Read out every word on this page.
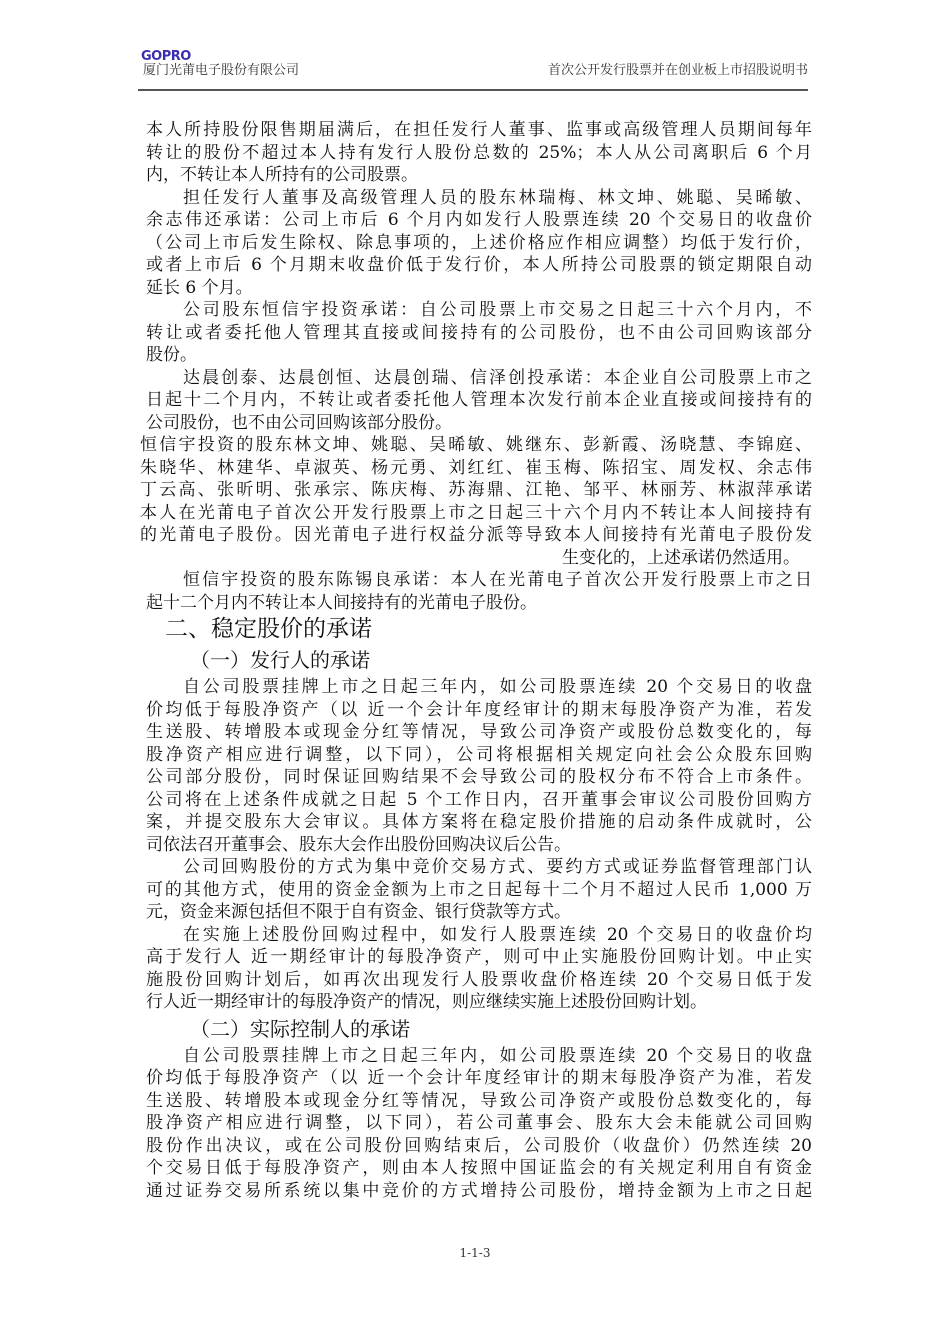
GOPRO
厦门光莆电子股份有限公司	首次公开发行股票并在创业板上市招股说明书
本人所持股份限售期届满后，在担任发行人董事、监事或高级管理人员期间每年
转让的股份不超过本人持有发行人股份总数的 25%；本人从公司离职后 6 个月
内，不转让本人所持有的公司股票。
担任发行人董事及高级管理人员的股东林瑞梅、林文坤、姚聪、吴晞敏、
余志伟还承诺：公司上市后 6 个月内如发行人股票连续 20 个交易日的收盘价
（公司上市后发生除权、除息事项的，上述价格应作相应调整）均低于发行价，
或者上市后 6 个月期末收盘价低于发行价，本人所持公司股票的锁定期限自动
延长 6 个月。
公司股东恒信宇投资承诺：自公司股票上市交易之日起三十六个月内，不
转让或者委托他人管理其直接或间接持有的公司股份，也不由公司回购该部分
股份。
达晨创泰、达晨创恒、达晨创瑞、信泽创投承诺：本企业自公司股票上市之
日起十二个月内，不转让或者委托他人管理本次发行前本企业直接或间接持有的
公司股份，也不由公司回购该部分股份。
恒信宇投资的股东林文坤、姚聪、吴晞敏、姚继东、彭新霞、汤晓慧、李锦庭、
朱晓华、林建华、卓淑英、杨元勇、刘红红、崔玉梅、陈招宝、周发权、余志伟
丁云高、张昕明、张承宗、陈庆梅、苏海鼎、江艳、邹平、林丽芳、林淑萍承诺
本人在光莆电子首次公开发行股票上市之日起三十六个月内不转让本人间接持有
的光莆电子股份。因光莆电子进行权益分派等导致本人间接持有光莆电子股份发
生变化的，上述承诺仍然适用。
恒信宇投资的股东陈锡良承诺：本人在光莆电子首次公开发行股票上市之日
起十二个月内不转让本人间接持有的光莆电子股份。
二、稳定股价的承诺
（一）发行人的承诺
自公司股票挂牌上市之日起三年内，如公司股票连续 20 个交易日的收盘
价均低于每股净资产（以 近一个会计年度经审计的期末每股净资产为准，若发
生送股、转增股本或现金分红等情况，导致公司净资产或股份总数变化的，每
股净资产相应进行调整，以下同），公司将根据相关规定向社会公众股东回购
公司部分股份，同时保证回购结果不会导致公司的股权分布不符合上市条件。
公司将在上述条件成就之日起 5 个工作日内，召开董事会审议公司股份回购方
案，并提交股东大会审议。具体方案将在稳定股价措施的启动条件成就时，公
司依法召开董事会、股东大会作出股份回购决议后公告。
公司回购股份的方式为集中竞价交易方式、要约方式或证券监督管理部门认
可的其他方式，使用的资金金额为上市之日起每十二个月不超过人民币 1,000 万
元，资金来源包括但不限于自有资金、银行贷款等方式。
在实施上述股份回购过程中，如发行人股票连续 20 个交易日的收盘价均
高于发行人 近一期经审计的每股净资产，则可中止实施股份回购计划。中止实
施股份回购计划后，如再次出现发行人股票收盘价格连续 20 个交易日低于发
行人近一期经审计的每股净资产的情况，则应继续实施上述股份回购计划。
（二）实际控制人的承诺
自公司股票挂牌上市之日起三年内，如公司股票连续 20 个交易日的收盘
价均低于每股净资产（以 近一个会计年度经审计的期末每股净资产为准，若发
生送股、转增股本或现金分红等情况，导致公司净资产或股份总数变化的，每
股净资产相应进行调整，以下同），若公司董事会、股东大会未能就公司回购
股份作出决议，或在公司股份回购结束后，公司股价（收盘价）仍然连续 20
个交易日低于每股净资产，则由本人按照中国证监会的有关规定利用自有资金
通过证券交易所系统以集中竞价的方式增持公司股份，增持金额为上市之日起
1-1-3
